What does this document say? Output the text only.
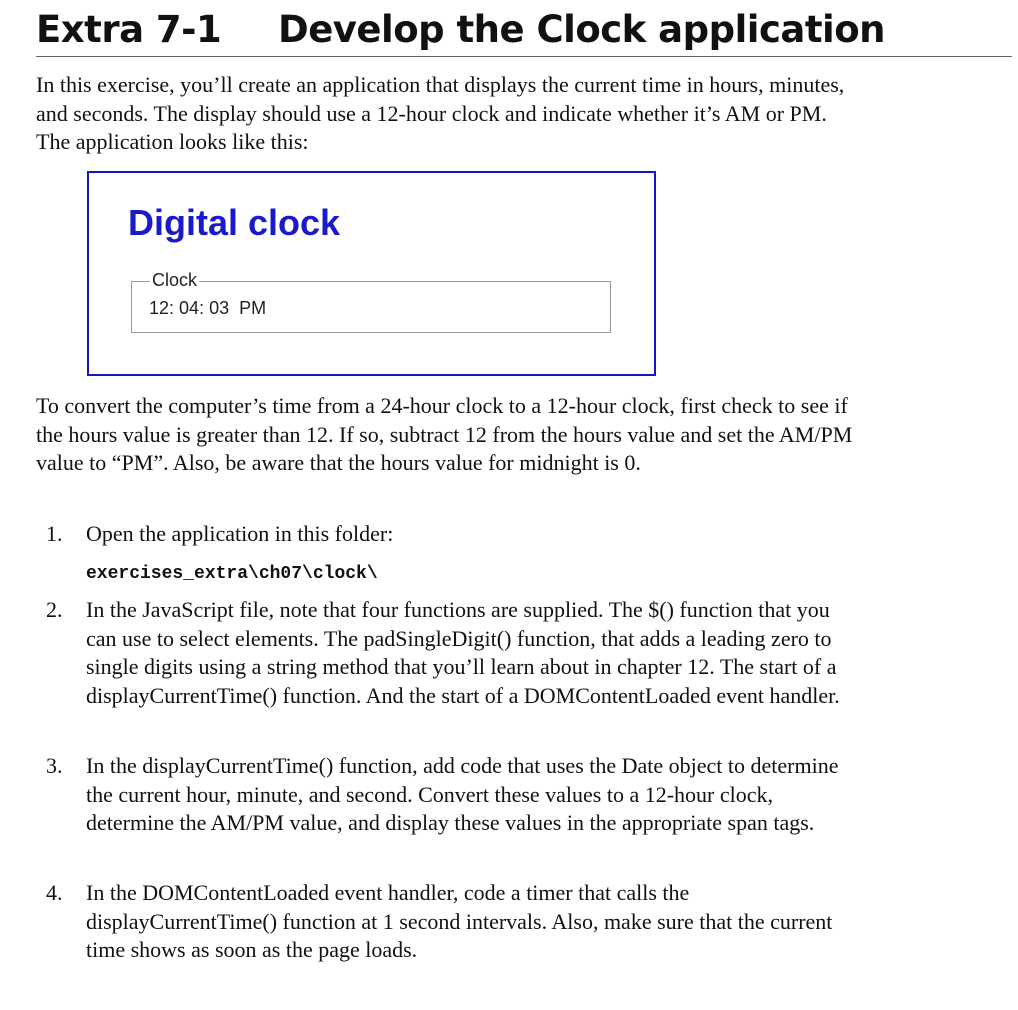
Extra 7-1 Develop the Clock application

In this exercise, you’ll create an application that displays the current time in hours, minutes, and seconds. The display should use a 12-hour clock and indicate whether it’s AM or PM. The application looks like this:

Digital clock
Clock
12: 04: 03 PM

To convert the computer’s time from a 24-hour clock to a 12-hour clock, first check to see if the hours value is greater than 12. If so, subtract 12 from the hours value and set the AM/PM value to “PM”. Also, be aware that the hours value for midnight is 0.

1. Open the application in this folder:
exercises_extra\ch07\clock\
2. In the JavaScript file, note that four functions are supplied. The $() function that you can use to select elements. The padSingleDigit() function, that adds a leading zero to single digits using a string method that you’ll learn about in chapter 12. The start of a displayCurrentTime() function. And the start of a DOMContentLoaded event handler.
3. In the displayCurrentTime() function, add code that uses the Date object to determine the current hour, minute, and second. Convert these values to a 12-hour clock, determine the AM/PM value, and display these values in the appropriate span tags.
4. In the DOMContentLoaded event handler, code a timer that calls the displayCurrentTime() function at 1 second intervals. Also, make sure that the current time shows as soon as the page loads.
